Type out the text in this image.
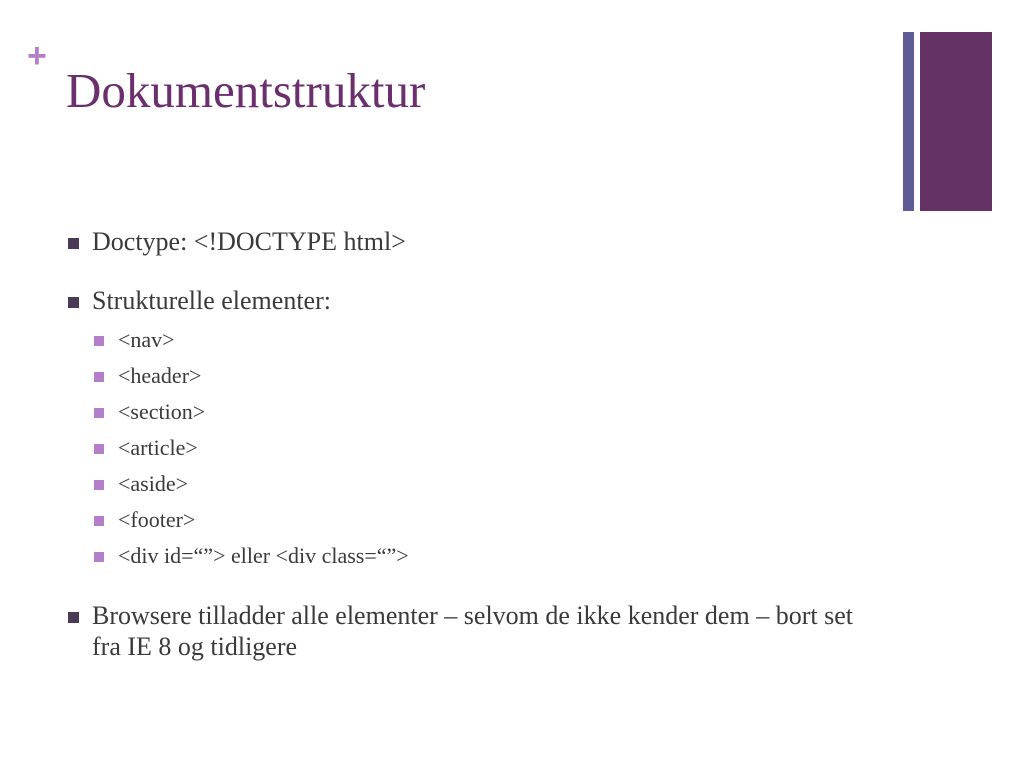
+
Dokumentstruktur
Doctype: <!DOCTYPE html>
Strukturelle elementer:
<nav>
<header>
<section>
<article>
<aside>
<footer>
<div id=“”> eller <div class=“”>
Browsere tilladder alle elementer – selvom de ikke kender dem – bort set fra IE 8 og tidligere
